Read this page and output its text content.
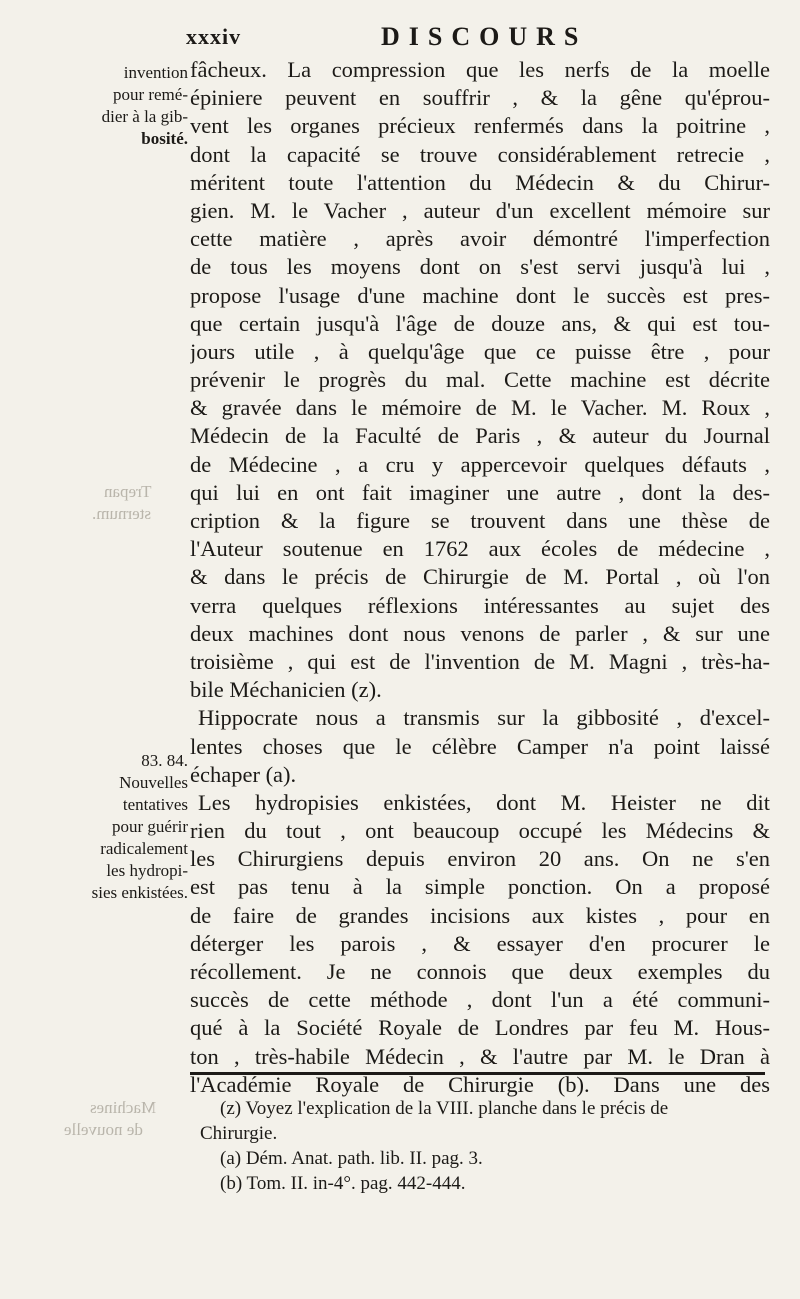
xxxiv	DISCOURS
invention
pour remé-
dier à la gib-
bosité.
83. 84.
Nouvelles
tentatives
pour guérir
radicalement
les hydropi-
sies enkistées.
fâcheux. La compression que les nerfs de la moelle
épiniere peuvent en souffrir , & la gêne qu'éprou-
vent les organes précieux renfermés dans la poitrine ,
dont la capacité se trouve considérablement retrecie ,
méritent toute l'attention du Médecin & du Chirur-
gien. M. le Vacher , auteur d'un excellent mémoire sur
cette matière , après avoir démontré l'imperfection
de tous les moyens dont on s'est servi jusqu'à lui ,
propose l'usage d'une machine dont le succès est pres-
que certain jusqu'à l'âge de douze ans, & qui est tou-
jours utile , à quelqu'âge que ce puisse être , pour
prévenir le progrès du mal. Cette machine est décrite
& gravée dans le mémoire de M. le Vacher. M. Roux ,
Médecin de la Faculté de Paris , & auteur du Journal
de Médecine , a cru y appercevoir quelques défauts ,
qui lui en ont fait imaginer une autre , dont la des-
cription & la figure se trouvent dans une thèse de
l'Auteur soutenue en 1762 aux écoles de médecine ,
& dans le précis de Chirurgie de M. Portal , où l'on
verra quelques réflexions intéressantes au sujet des
deux machines dont nous venons de parler , & sur une
troisième , qui est de l'invention de M. Magni , très-ha-
bile Méchanicien (z).
Hippocrate nous a transmis sur la gibbosité , d'excel-
lentes choses que le célèbre Camper n'a point laissé
échaper (a).
Les hydropisies enkistées, dont M. Heister ne dit
rien du tout , ont beaucoup occupé les Médecins &
les Chirurgiens depuis environ 20 ans. On ne s'en
est pas tenu à la simple ponction. On a proposé
de faire de grandes incisions aux kistes , pour en
déterger les parois , & essayer d'en procurer le
récollement. Je ne connois que deux exemples du
succès de cette méthode , dont l'un a été communi-
qué à la Société Royale de Londres par feu M. Hous-
ton , très-habile Médecin , & l'autre par M. le Dran à
l'Académie Royale de Chirurgie (b). Dans une des
(z) Voyez l'explication de la VIII. planche dans le précis de
Chirurgie.
(a) Dém. Anat. path. lib. II. pag. 3.
(b) Tom. II. in-4°. pag. 442-444.
Trepan
sternum.
Machines
de nouvelle
